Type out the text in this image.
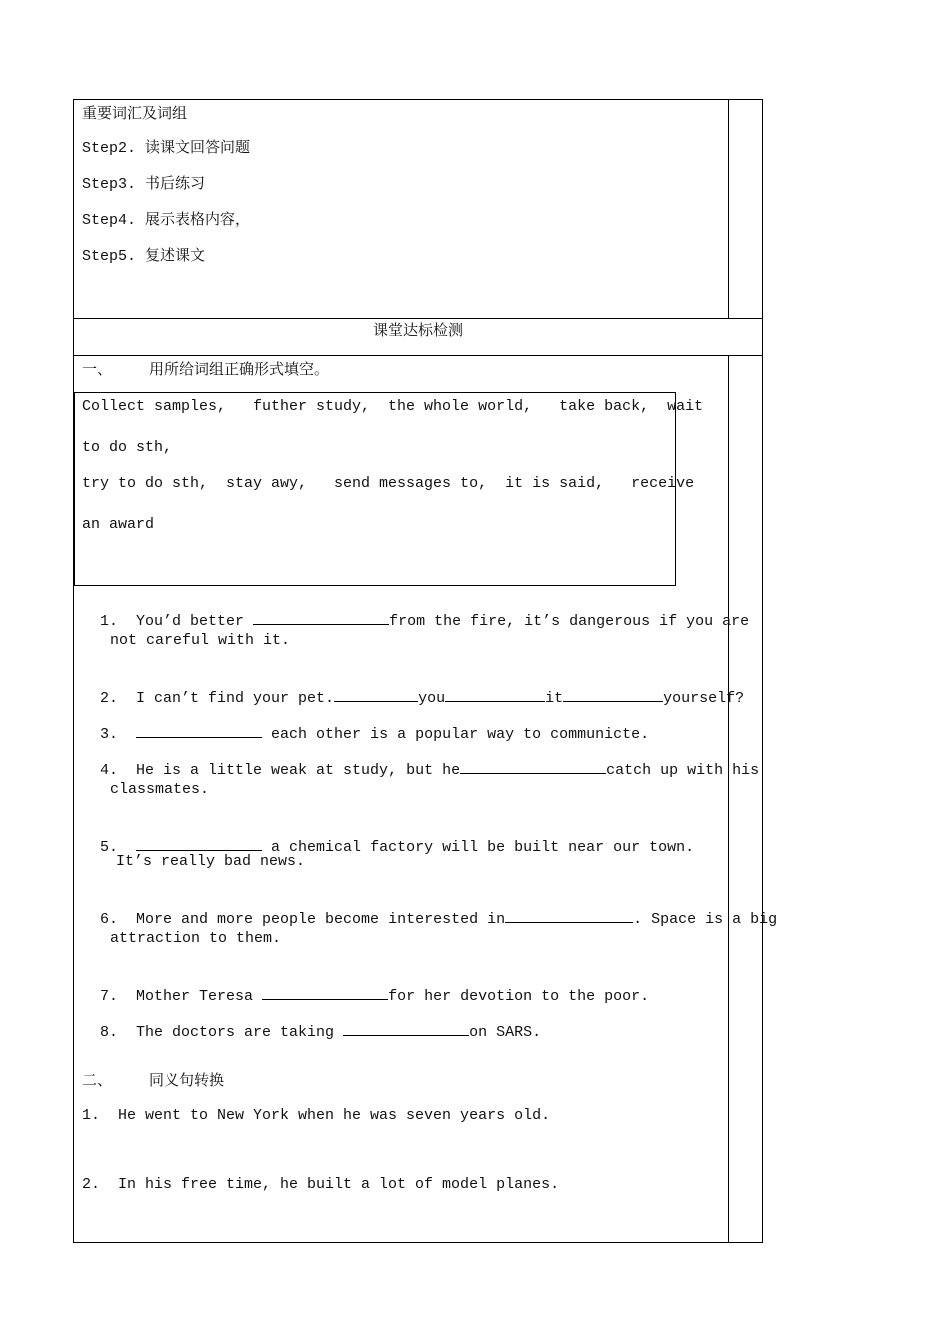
重要词汇及词组
Step2. 读课文回答问题
Step3. 书后练习
Step4. 展示表格内容，
Step5. 复述课文
课堂达标检测
一、 用所给词组正确形式填空。
Collect samples,   futher study,  the whole world,   take back,  wait
to do sth,
try to do sth,  stay awy,   send messages to,  it is said,   receive
an award

1.  You’d better	from the fire, it’s dangerous if you are

not careful with it.

2.  I can’t find your pet.	you	it	yourself?

3.	each other is a popular way to communicte.

4.  He is a little weak at study, but he	catch up with his

classmates.

5.	a chemical factory will be built near our town.

It’s really bad news.

6.  More and more people become interested in	. Space is a big

attraction to them.

7.  Mother Teresa	for her devotion to the poor.

8.  The doctors are taking	on SARS.

二、 同义句转换
1.  He went to New York when he was seven years old.
2.  In his free time, he built a lot of model planes.
